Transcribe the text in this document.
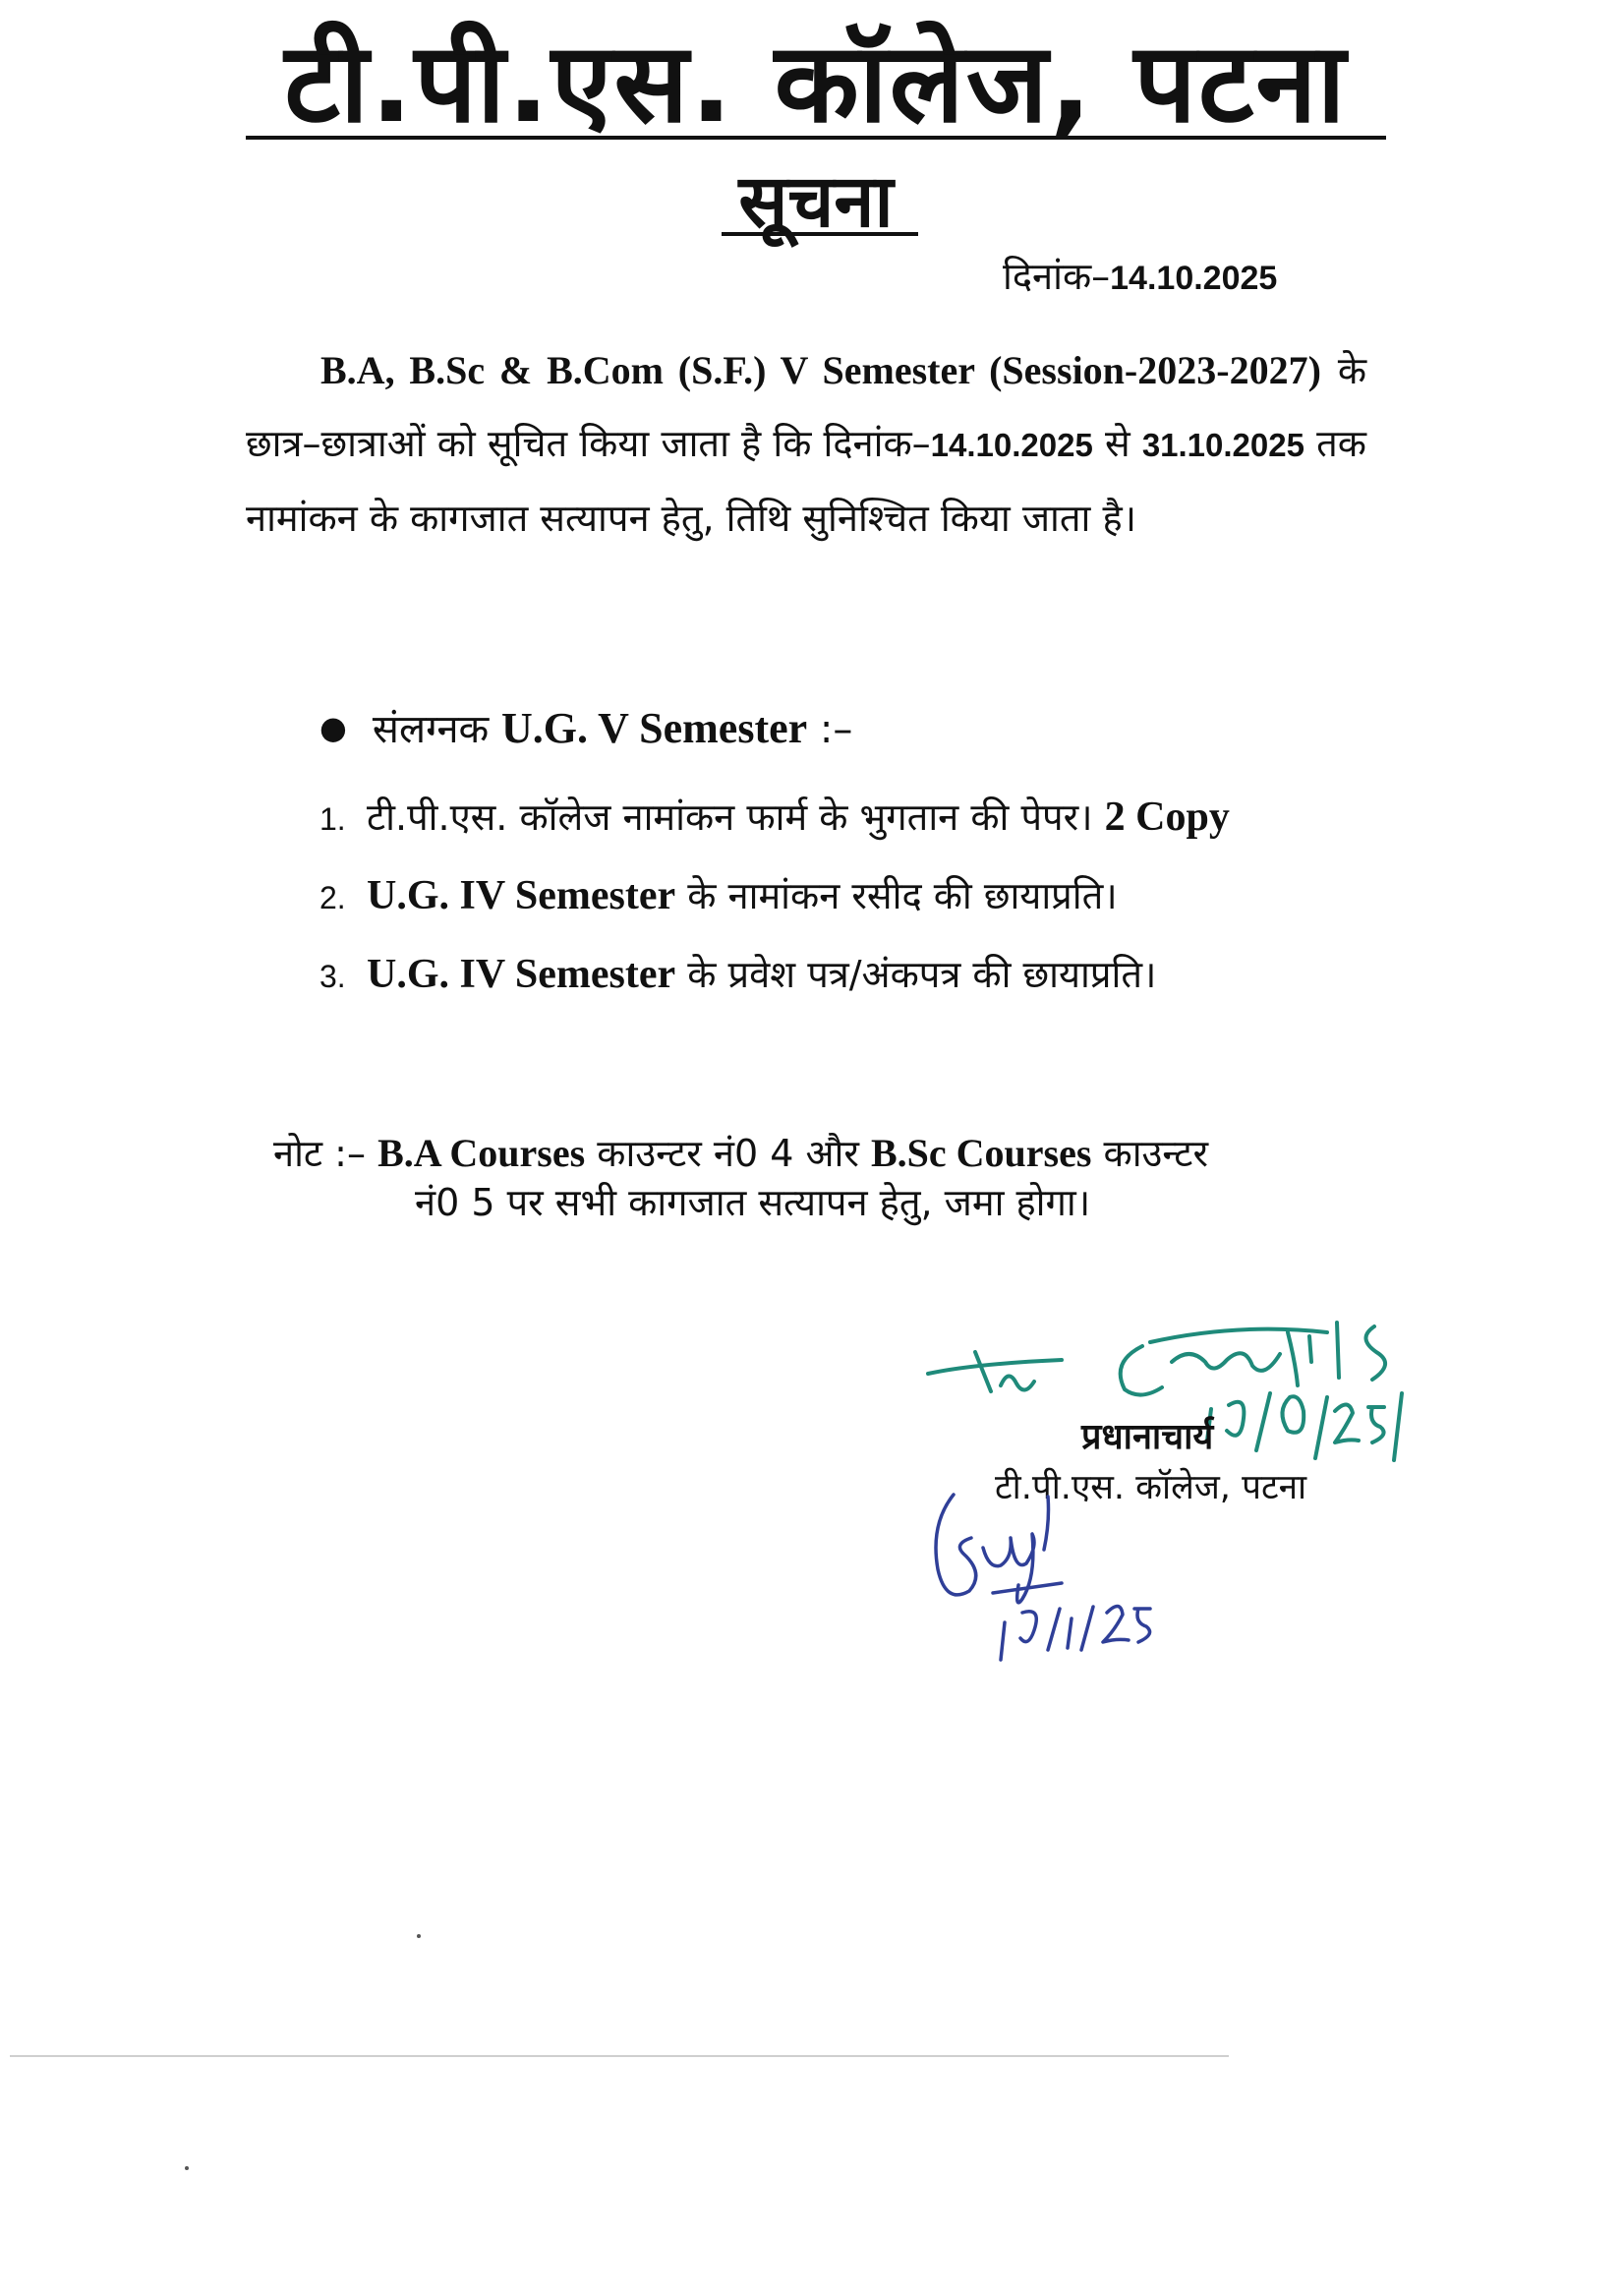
टी.पी.एस. कॉलेज, पटना
सूचना
दिनांक–14.10.2025
B.A, B.Sc & B.Com (S.F.) V Semester (Session-2023-2027) के छात्र–छात्राओं को सूचित किया जाता है कि दिनांक–14.10.2025 से 31.10.2025 तक नामांकन के कागजात सत्यापन हेतु, तिथि सुनिश्चित किया जाता है।
● संलग्नक U.G. V Semester :–
1. टी.पी.एस. कॉलेज नामांकन फार्म के भुगतान की पेपर। 2 Copy
2. U.G. IV Semester के नामांकन रसीद की छायाप्रति।
3. U.G. IV Semester के प्रवेश पत्र/अंकपत्र की छायाप्रति।
नोट :– B.A Courses काउन्टर नं0 4 और B.Sc Courses काउन्टर
नं0 5 पर सभी कागजात सत्यापन हेतु, जमा होगा।
प्रधानाचार्य
टी.पी.एस. कॉलेज, पटना
